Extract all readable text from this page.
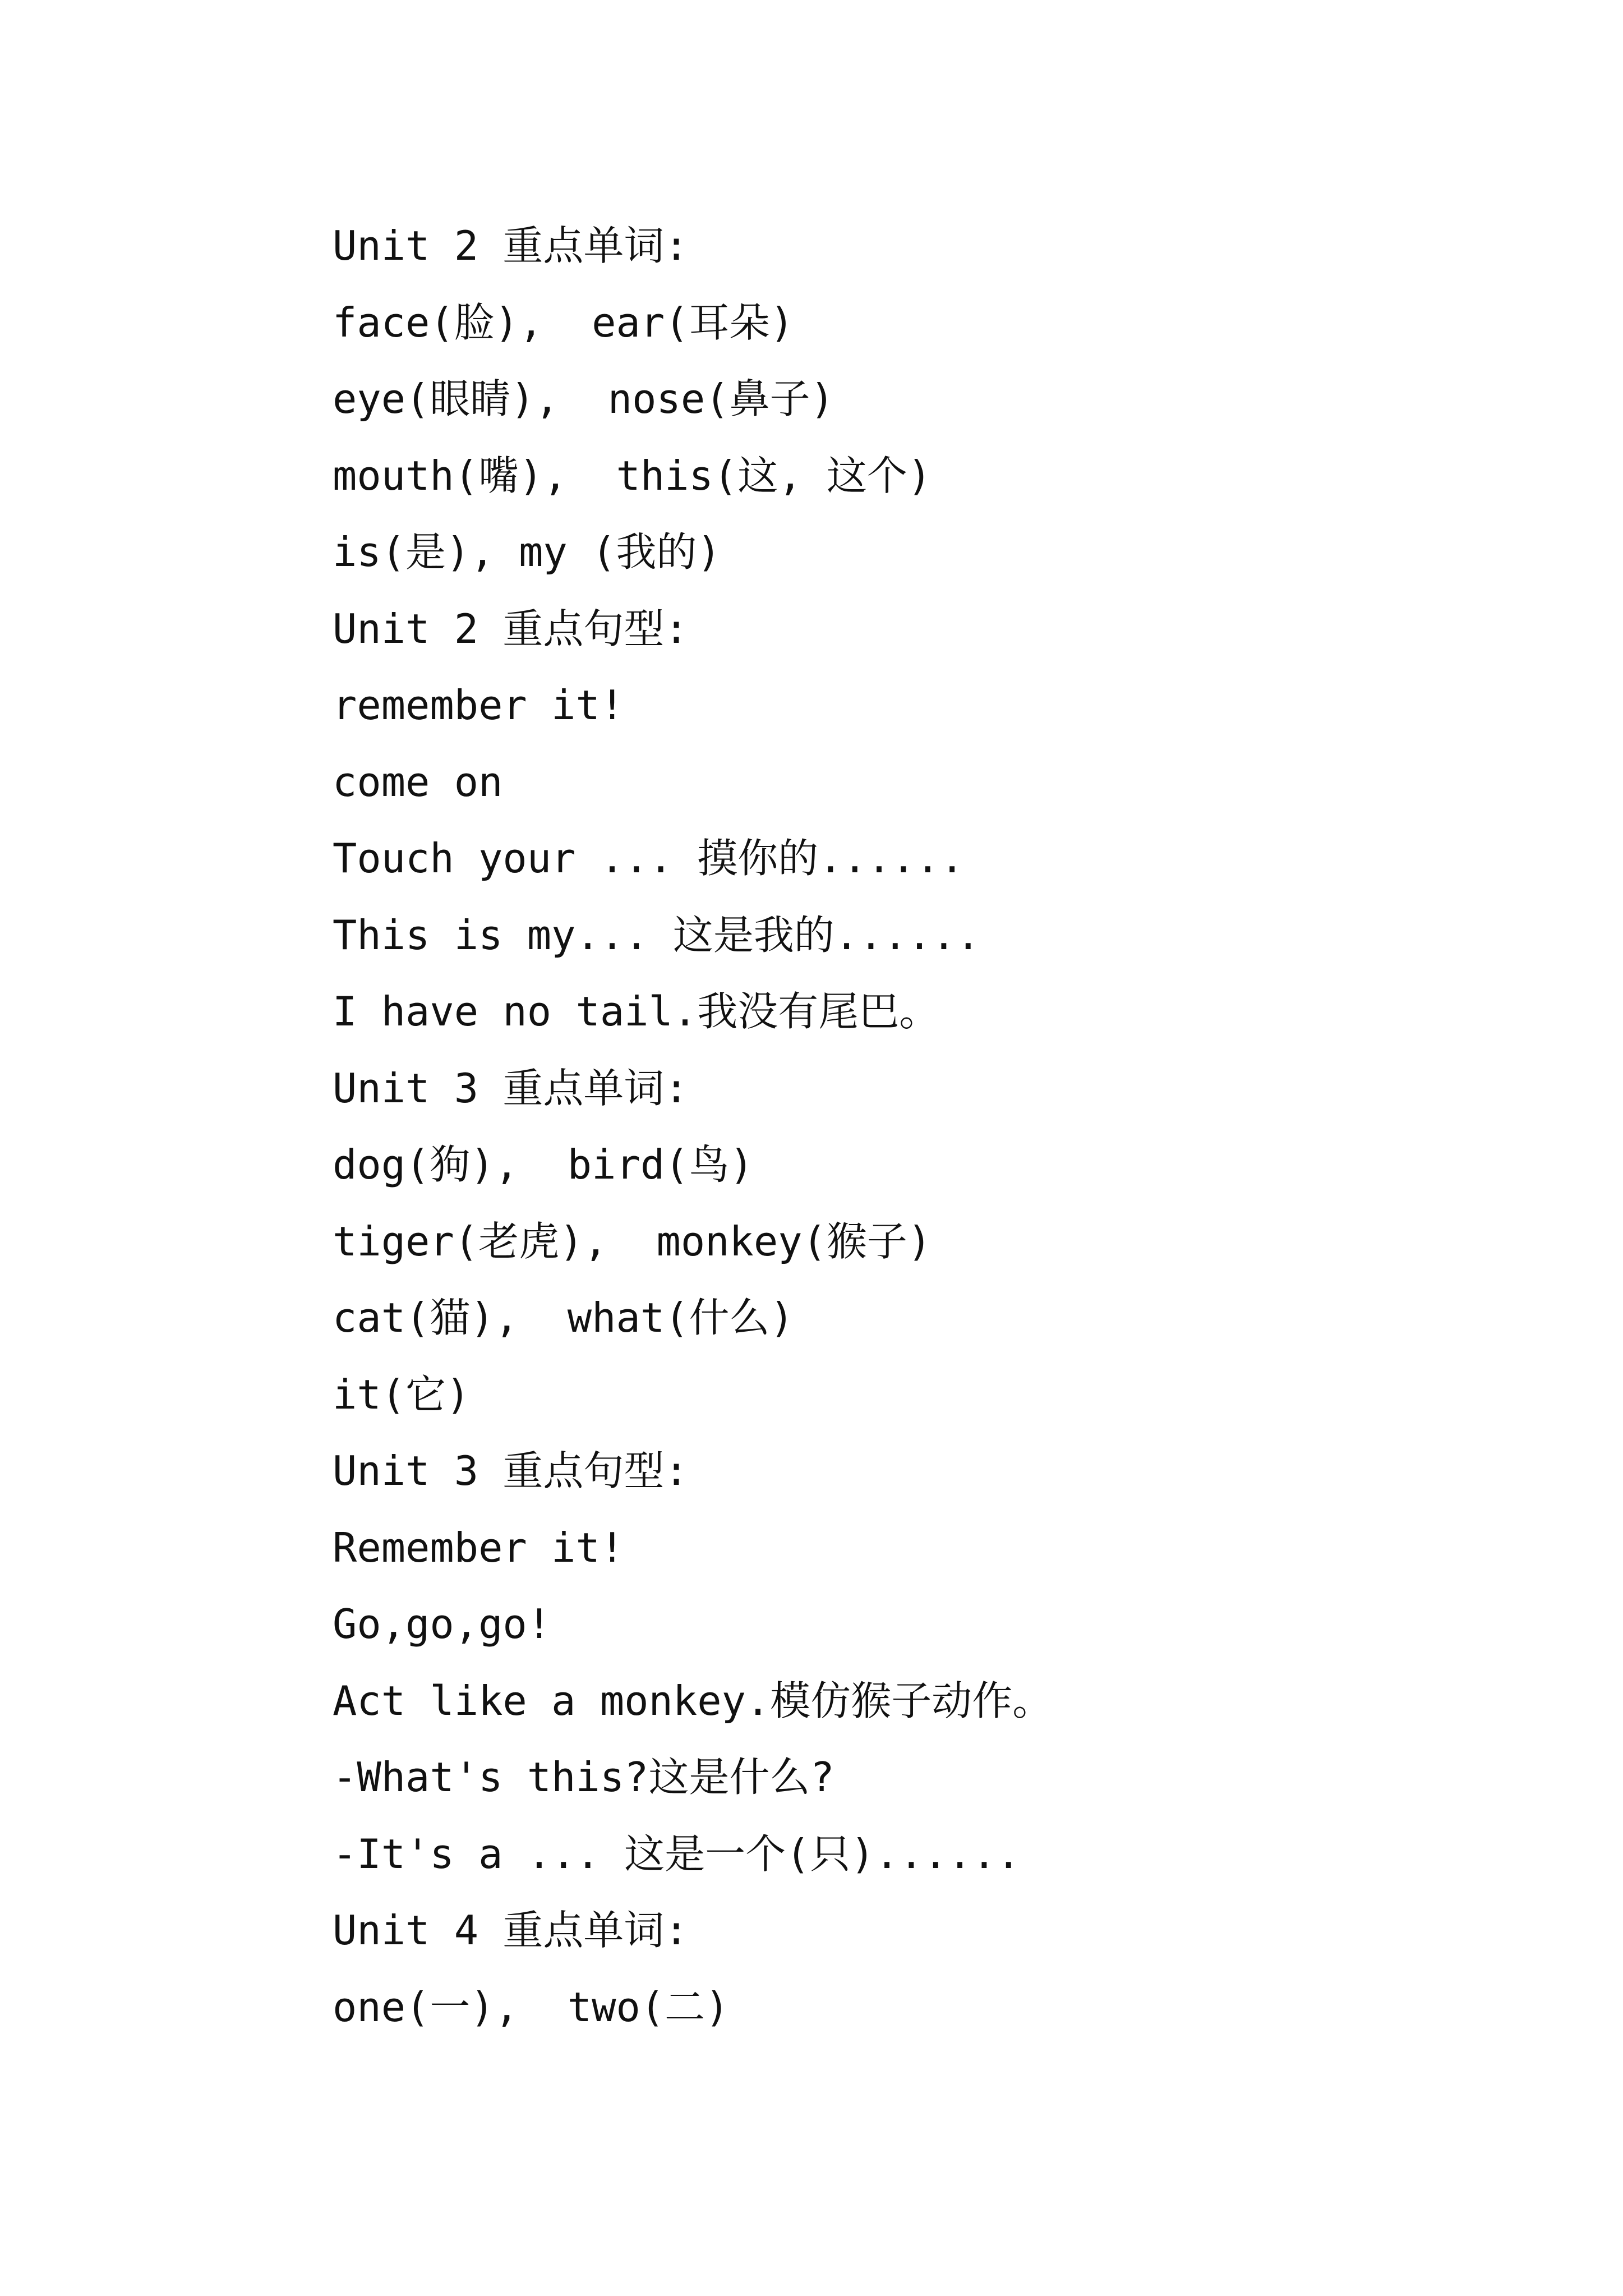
Unit 2 重点单词:
face(脸),  ear(耳朵)
eye(眼睛),  nose(鼻子)
mouth(嘴),  this(这, 这个)
is(是), my (我的)
Unit 2 重点句型:
remember it!
come on
Touch your ... 摸你的......
This is my... 这是我的......
I have no tail.我没有尾巴。
Unit 3 重点单词:
dog(狗),  bird(鸟)
tiger(老虎),  monkey(猴子)
cat(猫),  what(什么)
it(它)
Unit 3 重点句型:
Remember it!
Go,go,go!
Act like a monkey.模仿猴子动作。
-What's this?这是什么?
-It's a ... 这是一个(只)......
Unit 4 重点单词:
one(一),  two(二)
